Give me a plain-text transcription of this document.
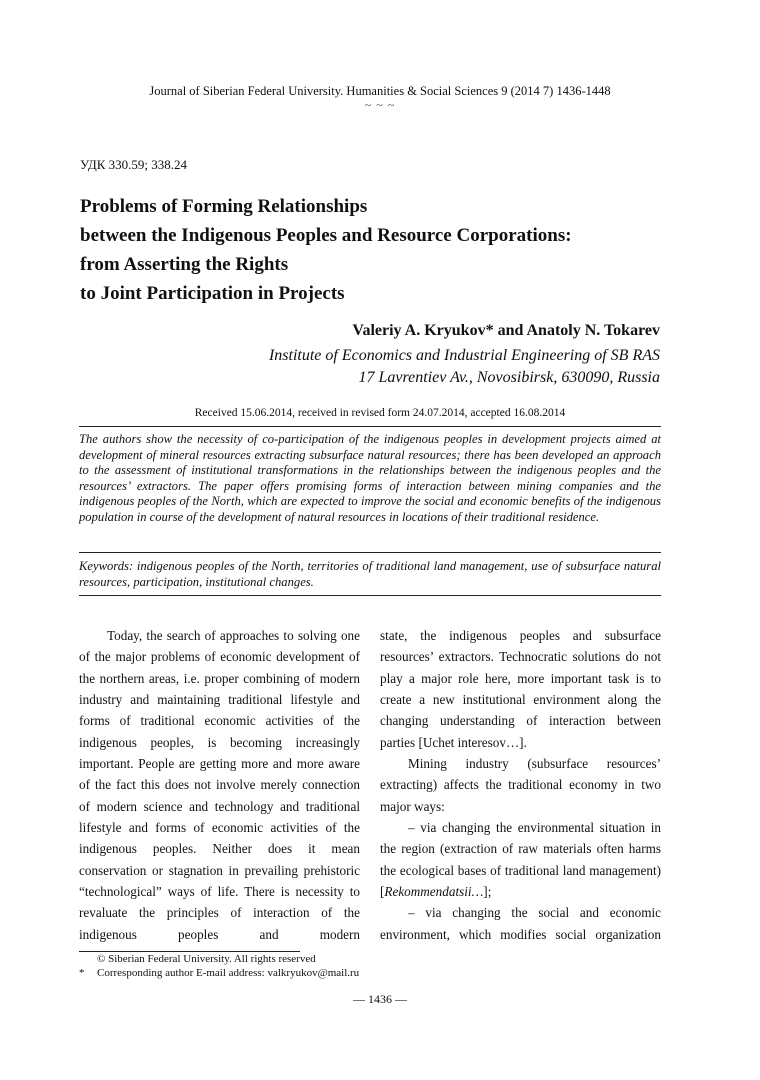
Journal of Siberian Federal University. Humanities & Social Sciences 9 (2014 7) 1436-1448
~ ~ ~
УДК 330.59; 338.24
Problems of Forming Relationships
between the Indigenous Peoples and Resource Corporations:
from Asserting the Rights
to Joint Participation in Projects
Valeriy A. Kryukov* and Anatoly N. Tokarev
Institute of Economics and Industrial Engineering of SB RAS
17 Lavrentiev Av., Novosibirsk, 630090, Russia
Received 15.06.2014, received in revised form 24.07.2014, accepted 16.08.2014
The authors show the necessity of co-participation of the indigenous peoples in development projects aimed at development of mineral resources extracting subsurface natural resources; there has been developed an approach to the assessment of institutional transformations in the relationships between the indigenous peoples and the resources’ extractors. The paper offers promising forms of interaction between mining companies and the indigenous peoples of the North, which are expected to improve the social and economic benefits of the indigenous population in course of the development of natural resources in locations of their traditional residence.
Keywords: indigenous peoples of the North, territories of traditional land management, use of subsurface natural resources, participation, institutional changes.

Today, the search of approaches to solving one of the major problems of economic development of the northern areas, i.e. proper combining of modern industry and maintaining traditional lifestyle and forms of traditional economic activities of the indigenous peoples, is becoming increasingly important. People are getting more and more aware of the fact this does not involve merely connection of modern science and technology and traditional lifestyle and forms of economic activities of the indigenous peoples. Neither does it mean conservation or stagnation in prevailing prehistoric “technological” ways of life. There is necessity to revaluate the principles of interaction of the indigenous peoples and modern

state, the indigenous peoples and subsurface resources’ extractors. Technocratic solutions do not play a major role here, more important task is to create a new institutional environment along the changing understanding of interaction between parties [Uchet interesov…].

Mining industry (subsurface resources’ extracting) affects the traditional economy in two major ways:

– via changing the environmental situation in the region (extraction of raw materials often harms the ecological bases of traditional land management) [Rekommendatsii…];

– via changing the social and economic environment, which modifies social organization

© Siberian Federal University. All rights reserved
* Corresponding author E-mail address: valkryukov@mail.ru
— 1436 —
